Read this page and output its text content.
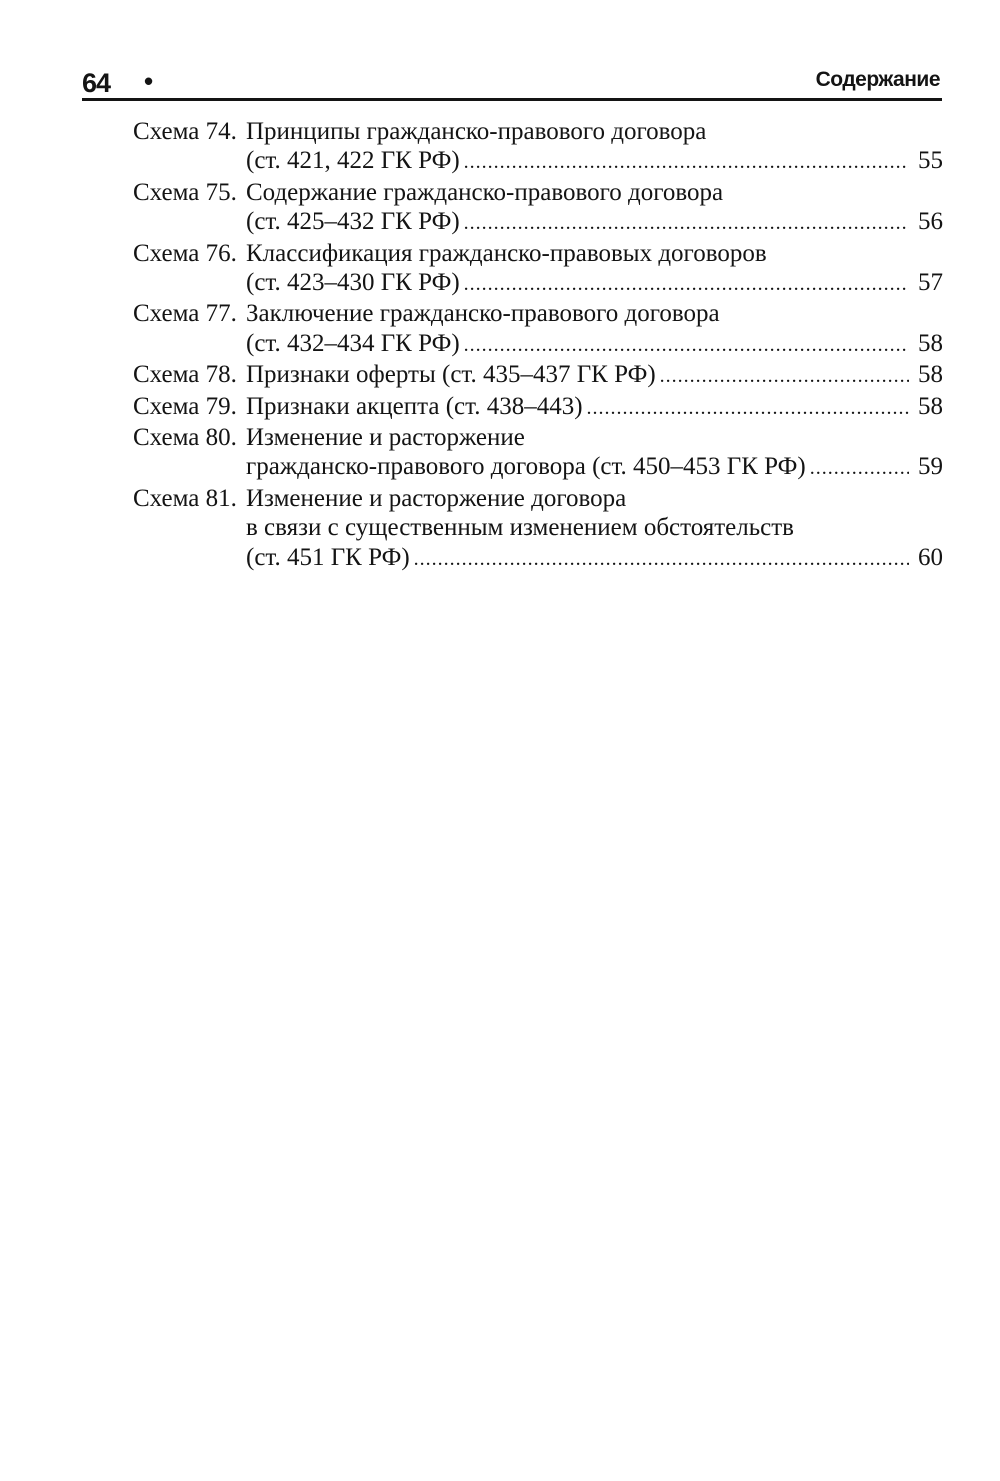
64 •	Содержание
Схема 74. Принципы гражданско-правового договора
(ст. 421, 422 ГК РФ) .....	55
Схема 75. Содержание гражданско-правового договора
(ст. 425–432 ГК РФ) .....	56
Схема 76. Классификация гражданско-правовых договоров
(ст. 423–430 ГК РФ) .....	57
Схема 77. Заключение гражданско-правового договора
(ст. 432–434 ГК РФ) .....	58
Схема 78. Признаки оферты (ст. 435–437 ГК РФ) .....	58
Схема 79. Признаки акцепта (ст. 438–443) .....	58
Схема 80. Изменение и расторжение
гражданско-правового договора (ст. 450–453 ГК РФ) .....	59
Схема 81. Изменение и расторжение договора
в связи с существенным изменением обстоятельств
(ст. 451 ГК РФ) .....	60
